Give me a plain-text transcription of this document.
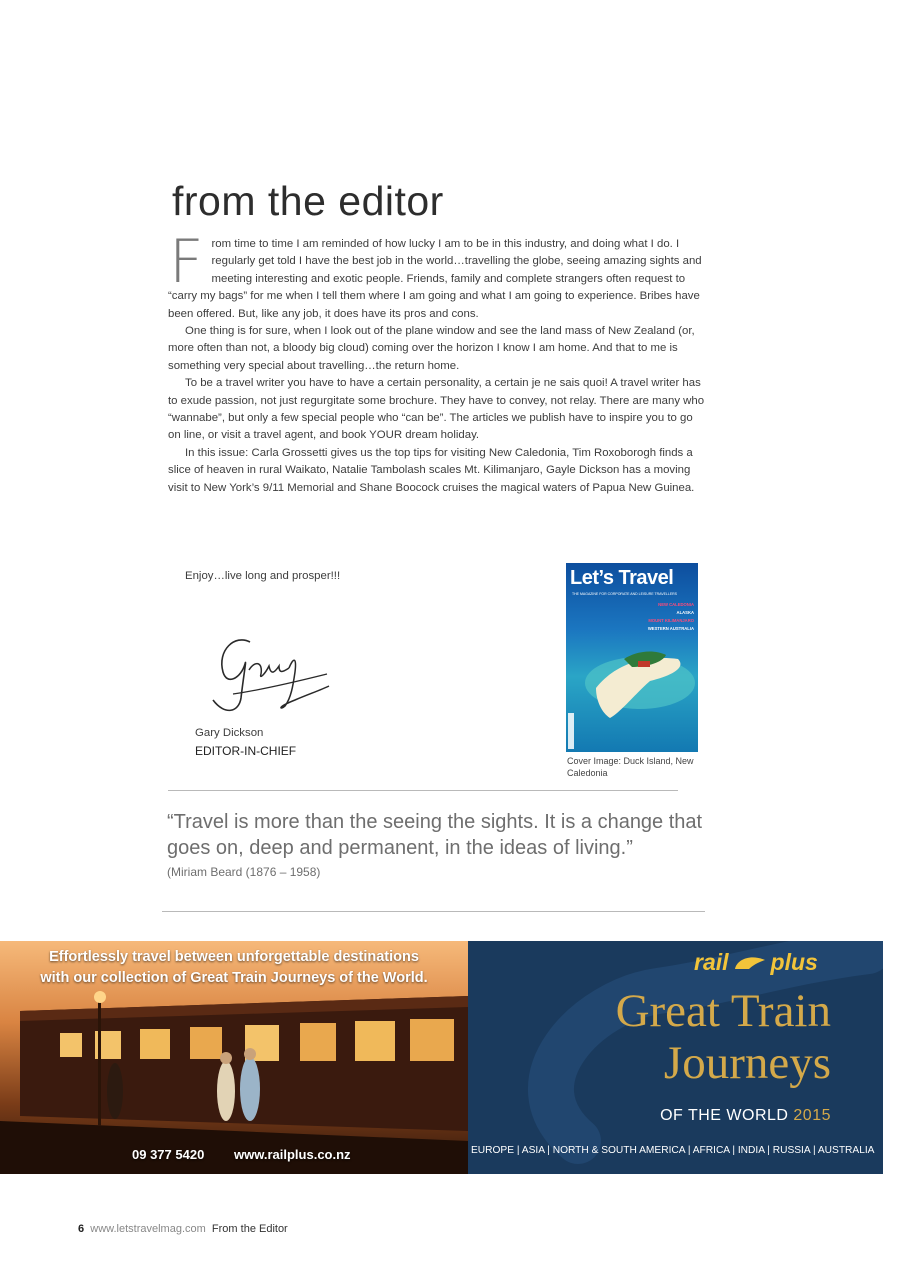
from the editor

From time to time I am reminded of how lucky I am to be in this industry, and doing what I do. I regularly get told I have the best job in the world…travelling the globe, seeing amazing sights and meeting interesting and exotic people. Friends, family and complete strangers often request to “carry my bags” for me when I tell them where I am going and what I am going to experience. Bribes have been offered. But, like any job, it does have its pros and cons.

One thing is for sure, when I look out of the plane window and see the land mass of New Zealand (or, more often than not, a bloody big cloud) coming over the horizon I know I am home. And that to me is something very special about travelling…the return home.

To be a travel writer you have to have a certain personality, a certain je ne sais quoi! A travel writer has to exude passion, not just regurgitate some brochure. They have to convey, not relay. There are many who “wannabe”, but only a few special people who “can be”. The articles we publish have to inspire you to go on line, or visit a travel agent, and book YOUR dream holiday.

In this issue: Carla Grossetti gives us the top tips for visiting New Caledonia, Tim Roxoborogh finds a slice of heaven in rural Waikato, Natalie Tambolash scales Mt. Kilimanjaro, Gayle Dickson has a moving visit to New York’s 9/11 Memorial and Shane Boocock cruises the magical waters of Papua New Guinea.

Enjoy…live long and prosper!!!
Gary Dickson
EDITOR-IN-CHIEF
Let’s Travel
THE MAGAZINE FOR CORPORATE AND LEISURE TRAVELLERS
NEW CALEDONIA
ALASKA
MOUNT KILIMANJARO
WESTERN AUSTRALIA
Cover Image: Duck Island, New Caledonia
“Travel is more than the seeing the sights. It is a change that goes on, deep and permanent, in the ideas of living.”
(Miriam Beard (1876 – 1958)
Effortlessly travel between unforgettable destinations
with our collection of Great Train Journeys of the World.
09 377 5420 www.railplus.co.nz
rail plus
Great Train
Journeys
OF THE WORLD 2015
EUROPE | ASIA | NORTH & SOUTH AMERICA | AFRICA | INDIA | RUSSIA | AUSTRALIA
6 www.letstravelmag.com From the Editor
